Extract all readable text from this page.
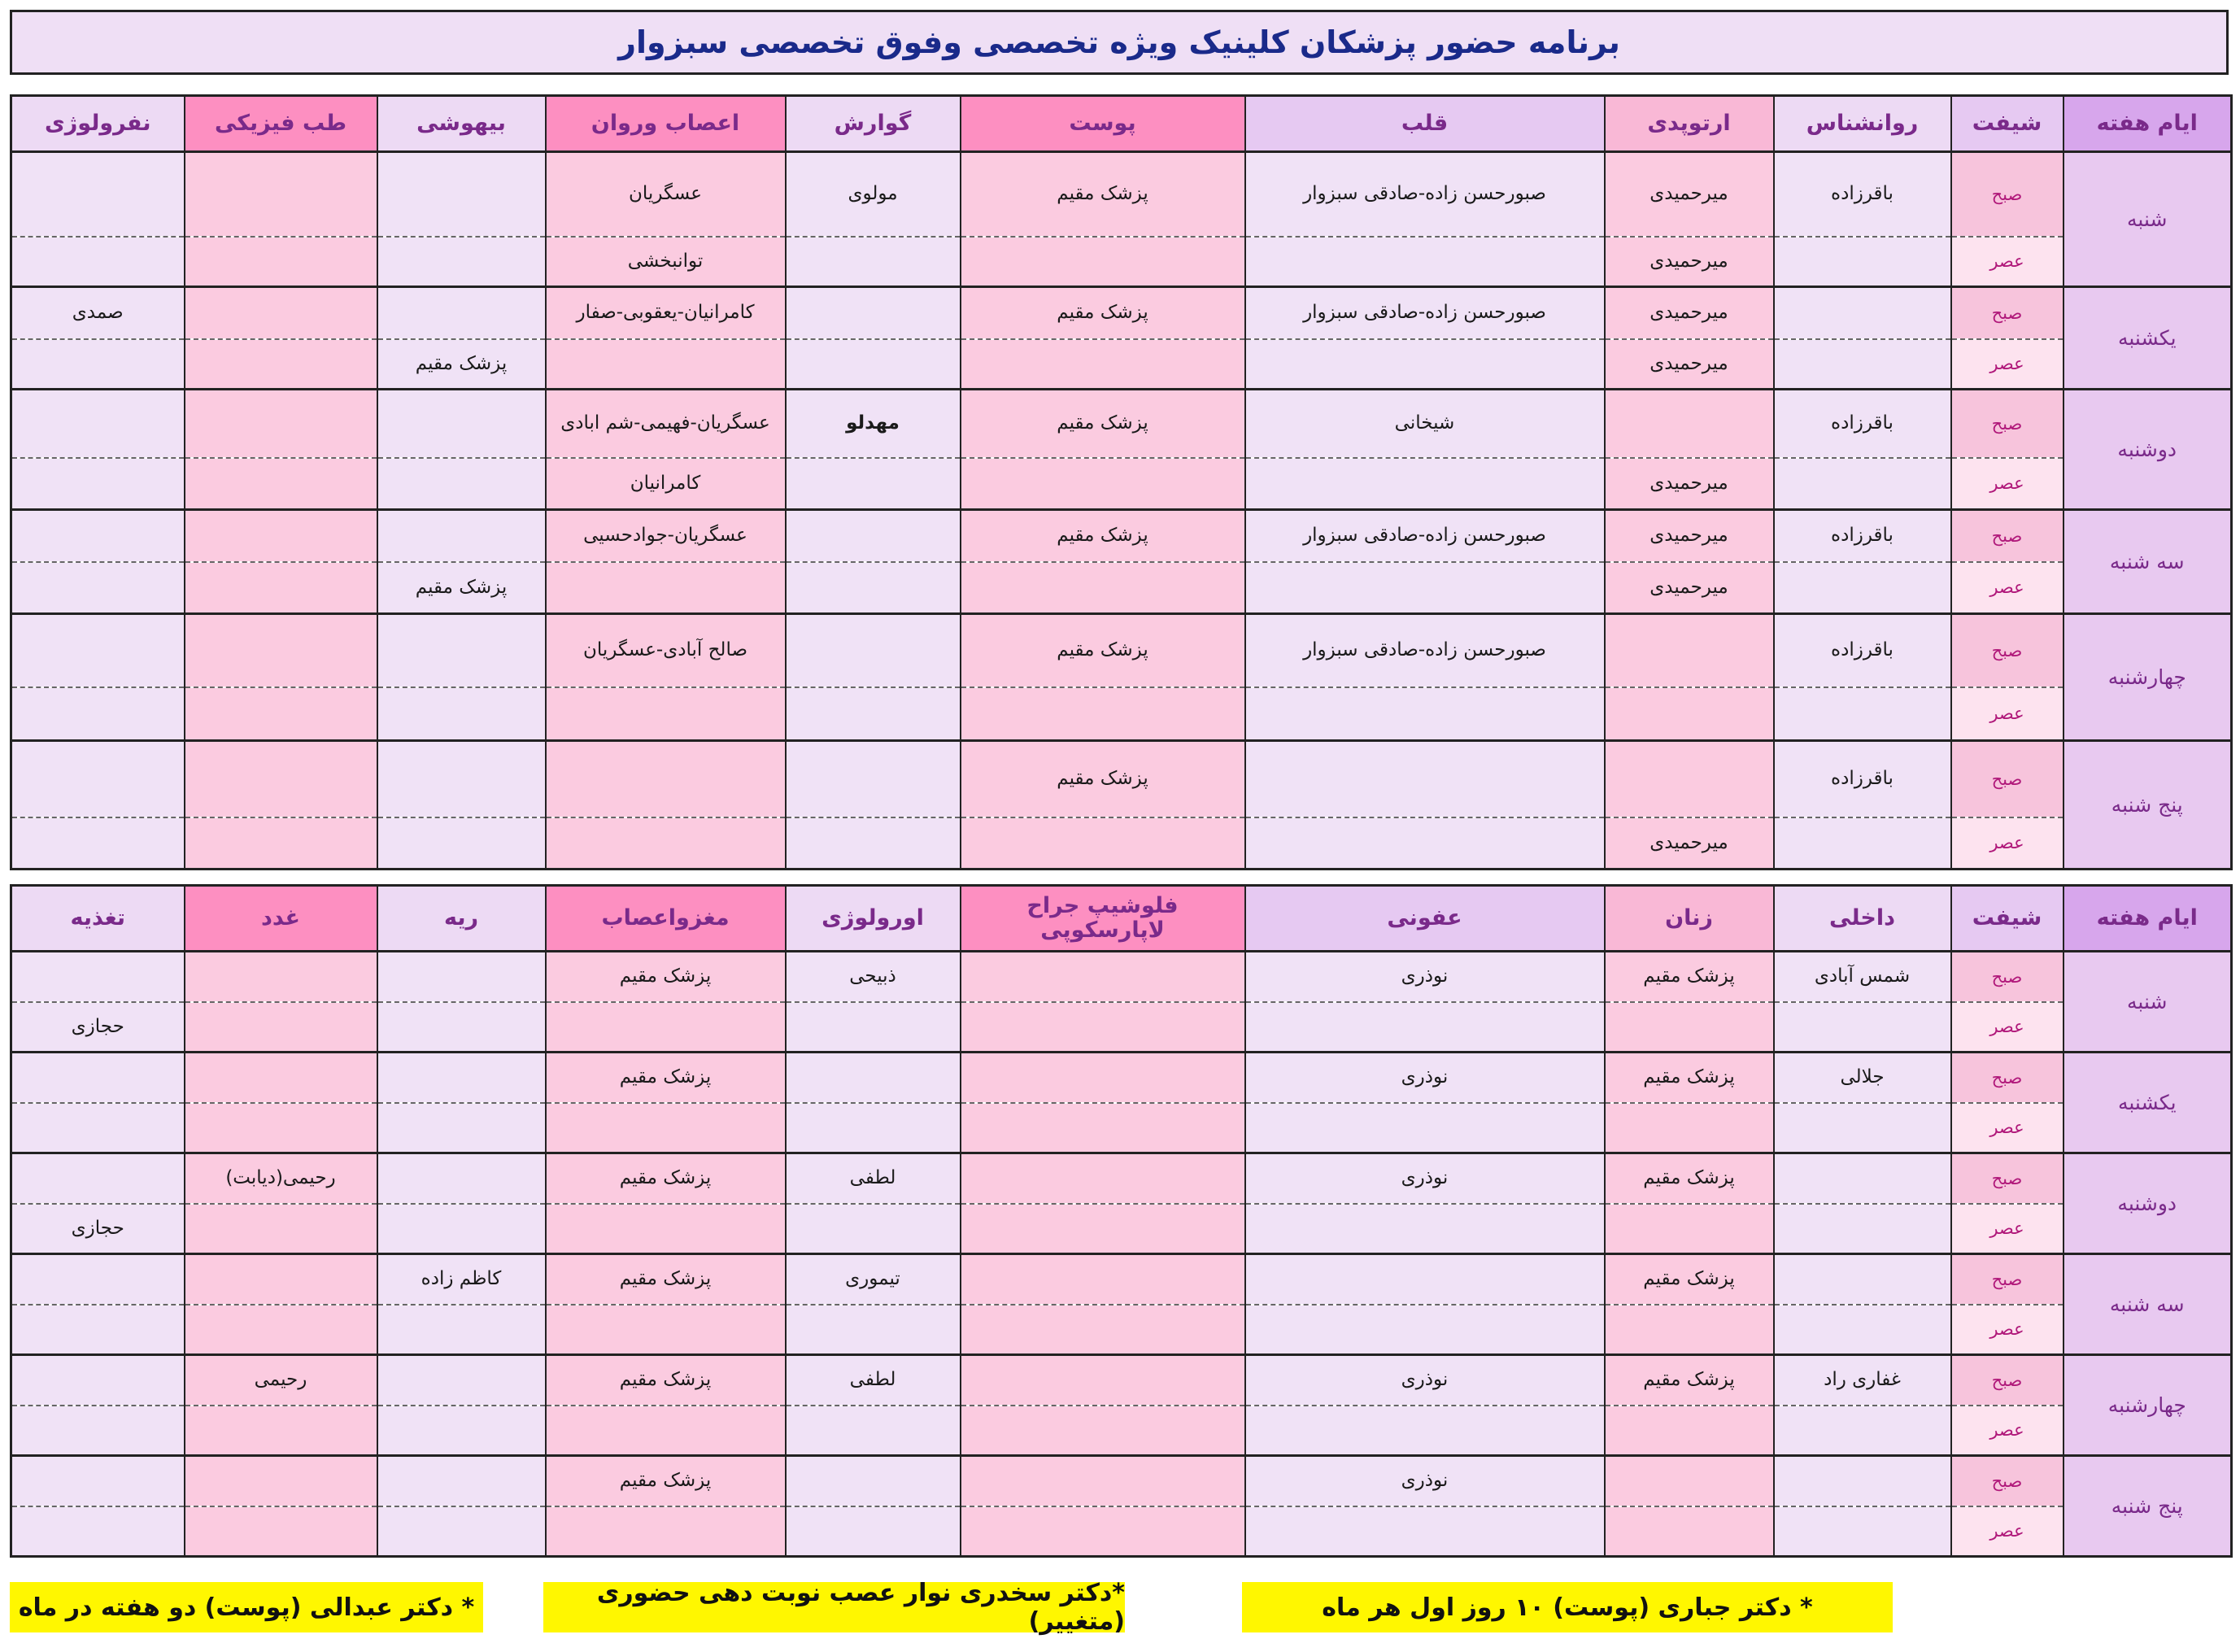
برنامه حضور پزشکان کلینیک ویژه تخصصی وفوق تخصصی سبزوار
ایام هفته	شیفت	روانشناس	ارتوپدی	قلب	پوست	گوارش	اعصاب وروان	بیهوشی	طب فیزیکی	نفرولوژی
شنبه	صبح	باقرزاده	میرحمیدی	صبورحسن زاده-صادقی سبزوار	پزشک مقیم	مولوی	عسگریان			
	عصر		میرحمیدی				توانبخشی			
یکشنبه	صبح		میرحمیدی	صبورحسن زاده-صادقی سبزوار	پزشک مقیم		کامرانیان-یعقوبی-صفار			صمدی
	عصر		میرحمیدی					پزشک مقیم		
دوشنبه	صبح	باقرزاده		شیخانی	پزشک مقیم	مهدلو	عسگریان-فهیمی-شم ابادی			
	عصر		میرحمیدی				کامرانیان			
سه شنبه	صبح	باقرزاده	میرحمیدی	صبورحسن زاده-صادقی سبزوار	پزشک مقیم		عسگریان-جوادحسیی			
	عصر		میرحمیدی					پزشک مقیم		
چهارشنبه	صبح	باقرزاده		صبورحسن زاده-صادقی سبزوار	پزشک مقیم		صالح آبادی-عسگریان			
	عصر									
پنج شنبه	صبح	باقرزاده			پزشک مقیم					
	عصر		میرحمیدی							
ایام هفته	شیفت	داخلی	زنان	عفونی	فلوشیپ جراح لاپارسکوپی	اورولوژی	مغزواعصاب	ریه	غدد	تغذیه
شنبه	صبح	شمس آبادی	پزشک مقیم	نوذری		ذبیحی	پزشک مقیم			
	عصر									حجازی
یکشنبه	صبح	جلالی	پزشک مقیم	نوذری			پزشک مقیم			
	عصر									
دوشنبه	صبح		پزشک مقیم	نوذری		لطفی	پزشک مقیم		رحیمی(دیابت)	
	عصر									حجازی
سه شنبه	صبح		پزشک مقیم			تیموری	پزشک مقیم	کاظم زاده		
	عصر									
چهارشنبه	صبح	غفاری راد	پزشک مقیم	نوذری		لطفی	پزشک مقیم		رحیمی	
	عصر									
پنج شنبه	صبح			نوذری			پزشک مقیم			
	عصر									
* دکتر جباری (پوست) ۱۰ روز اول هر ماه
*دکتر سخدری نوار عصب نوبت دهی حضوری (متغییر)
* دکتر عبدالی (پوست) دو هفته در ماه
